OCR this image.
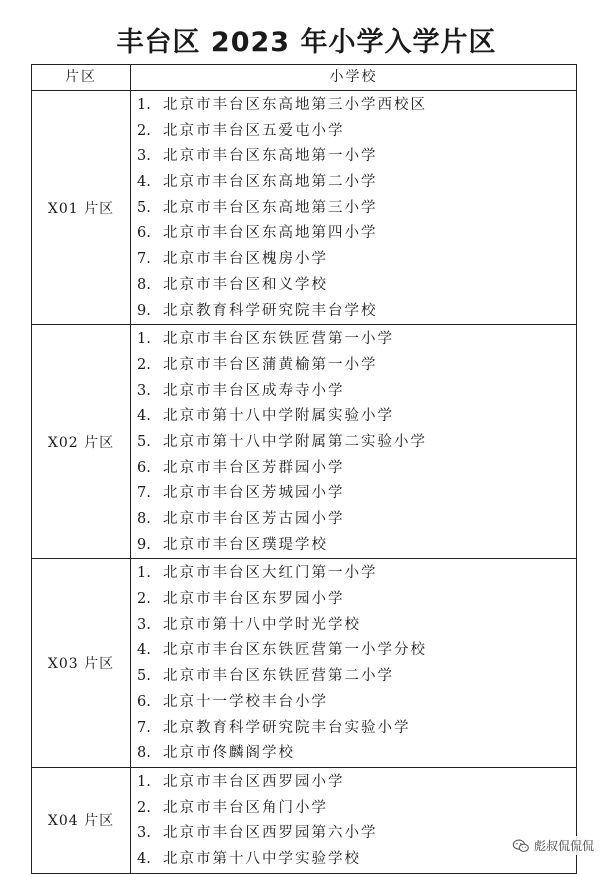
丰台区 2023 年小学入学片区
片区	小学校
X01 片区
1. 北京市丰台区东高地第三小学西校区
2. 北京市丰台区五爱屯小学
3. 北京市丰台区东高地第一小学
4. 北京市丰台区东高地第二小学
5. 北京市丰台区东高地第三小学
6. 北京市丰台区东高地第四小学
7. 北京市丰台区槐房小学
8. 北京市丰台区和义学校
9. 北京教育科学研究院丰台学校
X02 片区
1. 北京市丰台区东铁匠营第一小学
2. 北京市丰台区蒲黄榆第一小学
3. 北京市丰台区成寿寺小学
4. 北京市第十八中学附属实验小学
5. 北京市第十八中学附属第二实验小学
6. 北京市丰台区芳群园小学
7. 北京市丰台区芳城园小学
8. 北京市丰台区芳古园小学
9. 北京市丰台区璞瑅学校
X03 片区
1. 北京市丰台区大红门第一小学
2. 北京市丰台区东罗园小学
3. 北京市第十八中学时光学校
4. 北京市丰台区东铁匠营第一小学分校
5. 北京市丰台区东铁匠营第二小学
6. 北京十一学校丰台小学
7. 北京教育科学研究院丰台实验小学
8. 北京市佟麟阁学校
X04 片区
1. 北京市丰台区西罗园小学
2. 北京市丰台区角门小学
3. 北京市丰台区西罗园第六小学
4. 北京市第十八中学实验学校
彪叔侃侃侃
